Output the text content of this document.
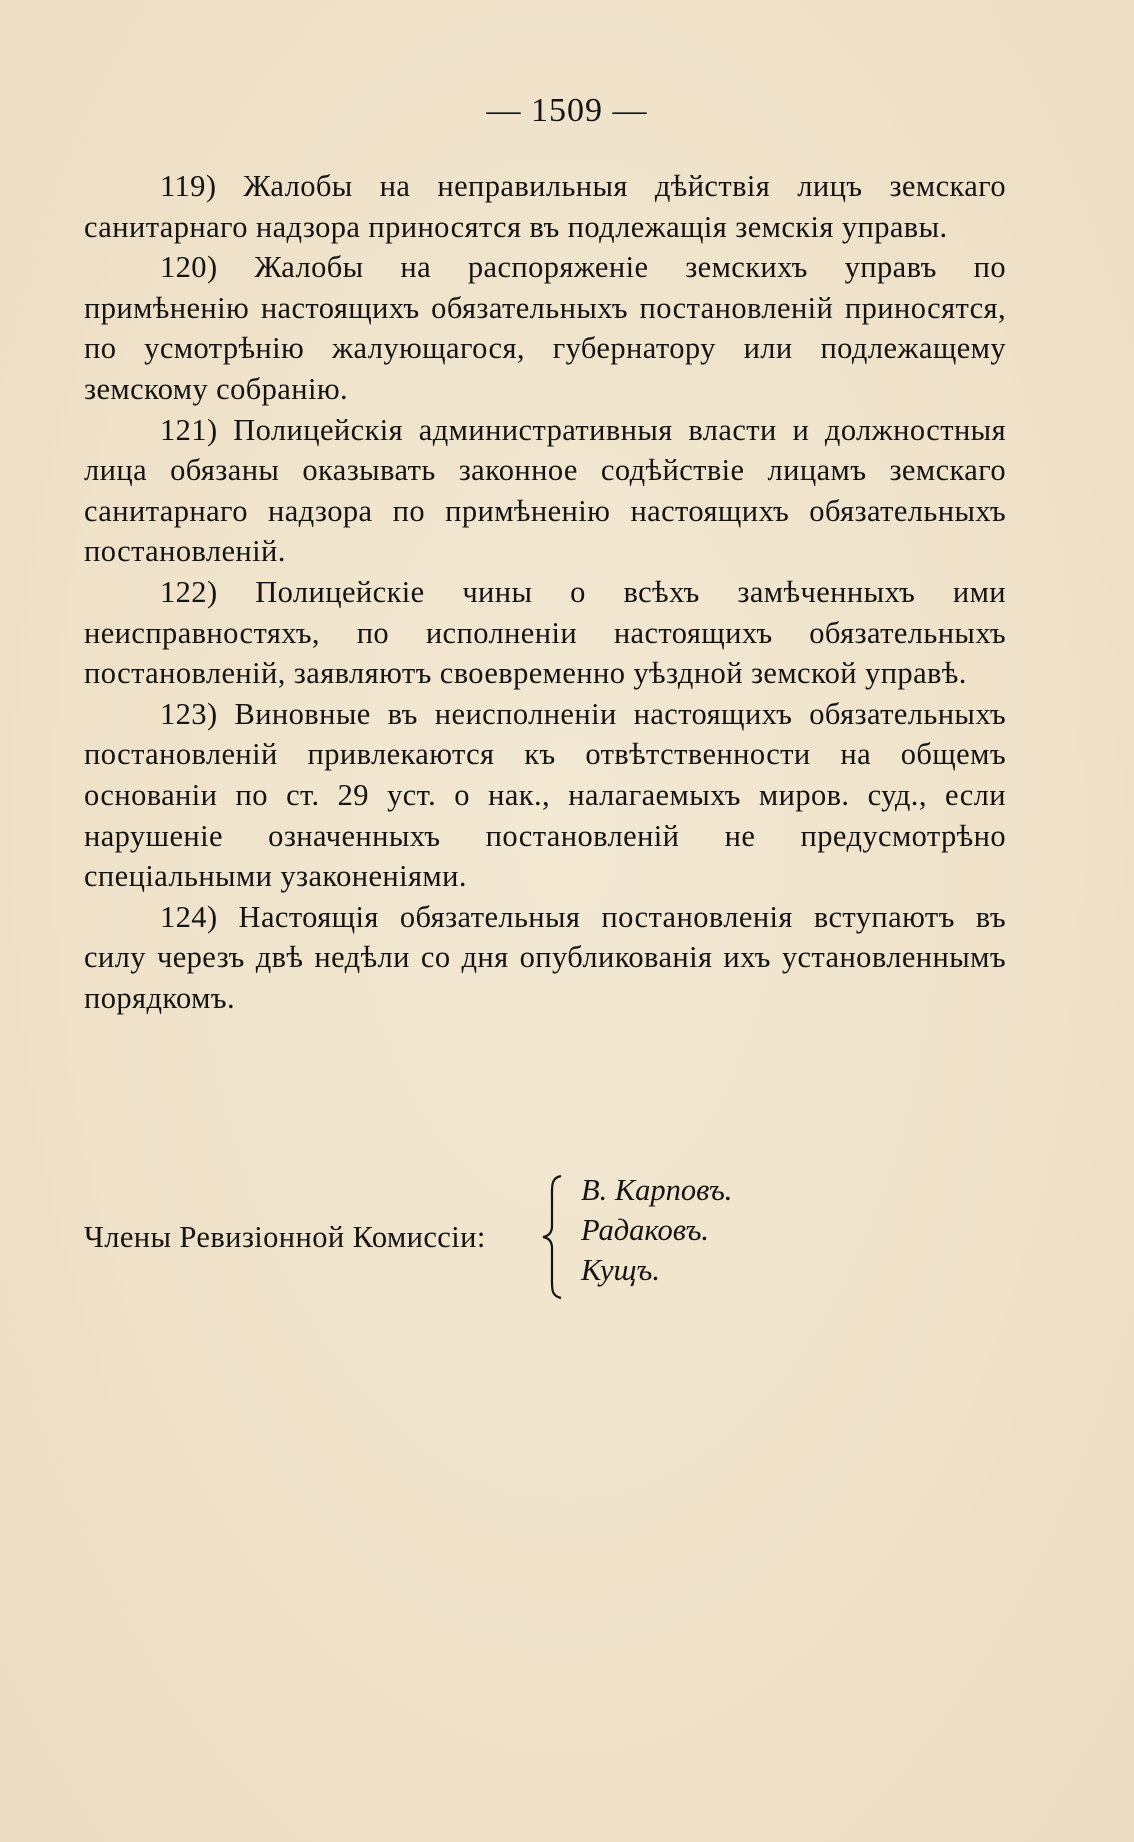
— 1509 —

119) Жалобы на неправильныя дѣйствія лицъ земскаго санитарнаго надзора приносятся въ подлежащія земскія управы.

120) Жалобы на распоряженіе земскихъ управъ по примѣненію настоящихъ обязательныхъ постановленій приносятся, по усмотрѣнію жалующагося, губернатору или подлежащему земскому собранію.

121) Полицейскія административныя власти и должностныя лица обязаны оказывать законное содѣйствіе лицамъ земскаго санитарнаго надзора по примѣненію настоящихъ обязательныхъ постановленій.

122) Полицейскіе чины о всѣхъ замѣченныхъ ими неисправностяхъ, по исполненіи настоящихъ обязательныхъ постановленій, заявляютъ своевременно уѣздной земской управѣ.

123) Виновные въ неисполненіи настоящихъ обязательныхъ постановленій привлекаются къ отвѣтственности на общемъ основаніи по ст. 29 уст. о нак., налагаемыхъ миров. суд., если нарушеніе означенныхъ постановленій не предусмотрѣно спеціальными узаконеніями.

124) Настоящія обязательныя постановленія вступаютъ въ силу черезъ двѣ недѣли со дня опубликованія ихъ установленнымъ порядкомъ.

Члены Ревизіонной Комиссіи:
В. Карповъ.
Радаковъ.
Кущъ.
